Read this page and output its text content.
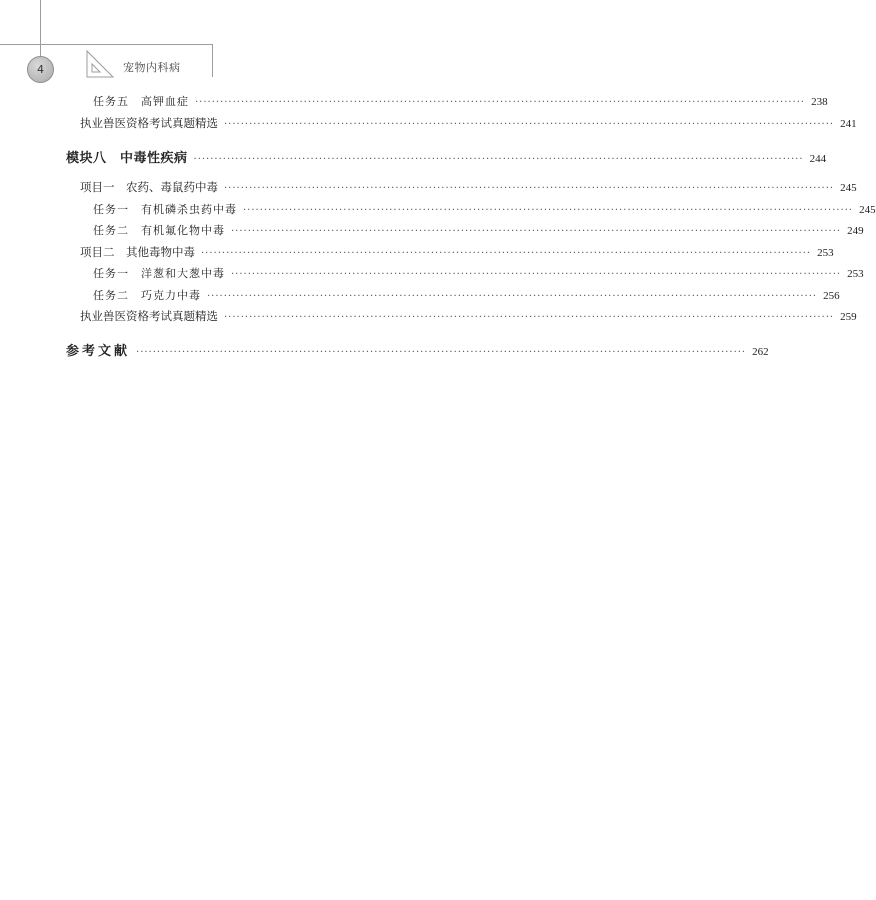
4	宠物内科病
任务五　高钾血症 ·················································································································································· 238
执业兽医资格考试真题精选 ·················································································································································· 241
模块八　中毒性疾病 ·················································································································································· 244
项目一　农药、毒鼠药中毒 ·················································································································································· 245
任务一　有机磷杀虫药中毒 ·················································································································································· 245
任务二　有机氟化物中毒 ·················································································································································· 249
项目二　其他毒物中毒 ·················································································································································· 253
任务一　洋葱和大葱中毒 ·················································································································································· 253
任务二　巧克力中毒 ·················································································································································· 256
执业兽医资格考试真题精选 ·················································································································································· 259
参考文献 ·················································································································································· 262
